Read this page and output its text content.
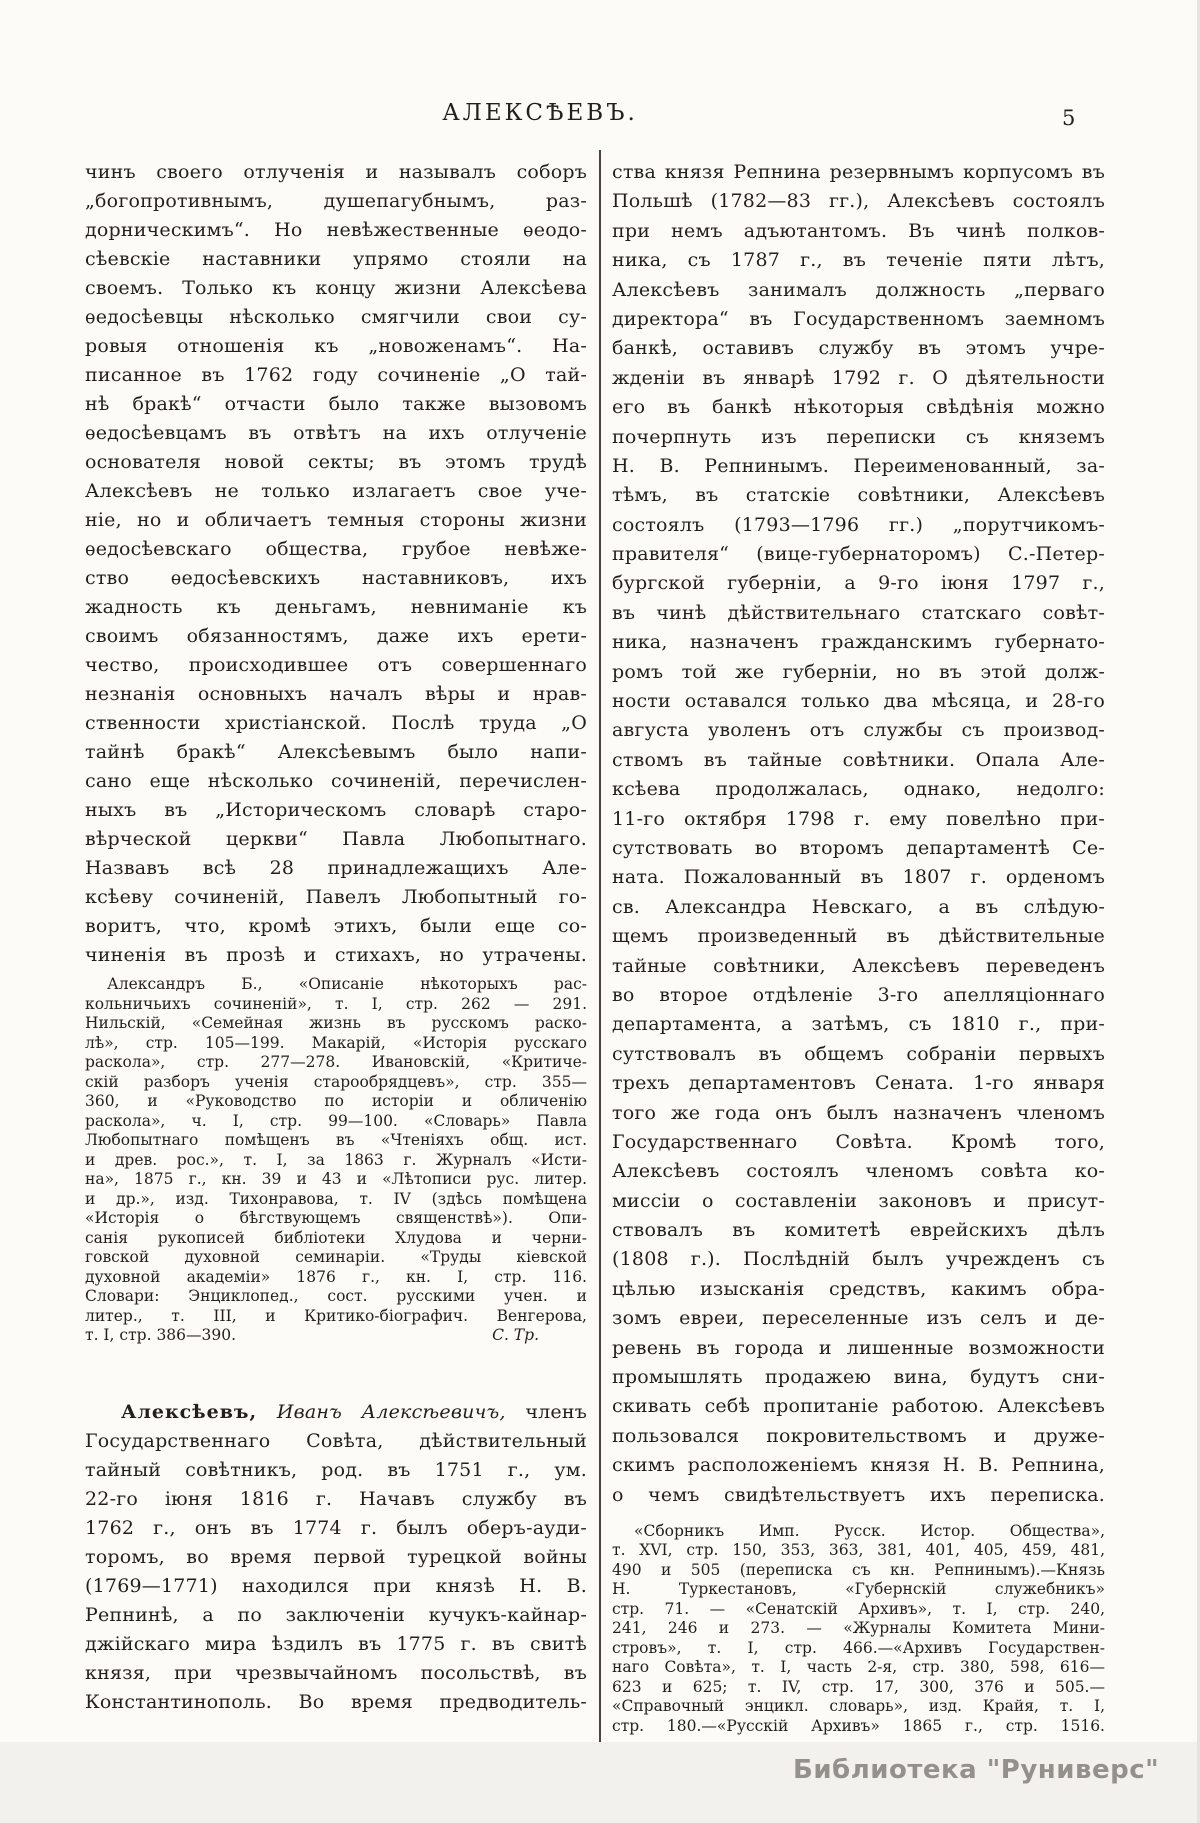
АЛЕКСѢЕВЪ.	5
чинъ своего отлученія и называлъ соборъ
„богопротивнымъ, душепагубнымъ, раз-
дорническимъ“. Но невѣжественные ѳеодо-
сѣевскіе наставники упрямо стояли на
своемъ. Только къ концу жизни Алексѣева
ѳедосѣевцы нѣсколько смягчили свои су-
ровыя отношенія къ „новоженамъ“. На-
писанное въ 1762 году сочиненіе „О тай-
нѣ бракѣ“ отчасти было также вызовомъ
ѳедосѣевцамъ въ отвѣтъ на ихъ отлученіе
основателя новой секты; въ этомъ трудѣ
Алексѣевъ не только излагаетъ свое уче-
ніе, но и обличаетъ темныя стороны жизни
ѳедосѣевскаго общества, грубое невѣже-
ство ѳедосѣевскихъ наставниковъ, ихъ
жадность къ деньгамъ, невниманіе къ
своимъ обязанностямъ, даже ихъ ерети-
чество, происходившее отъ совершеннаго
незнанія основныхъ началъ вѣры и нрав-
ственности христіанской. Послѣ труда „О
тайнѣ бракѣ“ Алексѣевымъ было напи-
сано еще нѣсколько сочиненій, перечислен-
ныхъ въ „Историческомъ словарѣ старо-
вѣрческой церкви“ Павла Любопытнаго.
Назвавъ всѣ 28 принадлежащихъ Але-
ксѣеву сочиненій, Павелъ Любопытный го-
воритъ, что, кромѣ этихъ, были еще со-
чиненія въ прозѣ и стихахъ, но утрачены.
Александръ Б., «Описаніе нѣкоторыхъ рас-
кольничьихъ сочиненій», т. I, стр. 262 — 291.
Нильскій, «Семейная жизнь въ русскомъ раско-
лѣ», стр. 105—199. Макарій, «Исторія русскаго
раскола», стр. 277—278. Ивановскій, «Критиче-
скій разборъ ученія старообрядцевъ», стр. 355—
360, и «Руководство по исторіи и обличенію
раскола», ч. I, стр. 99—100. «Словарь» Павла
Любопытнаго помѣщенъ въ «Чтеніяхъ общ. ист.
и древ. рос.», т. I, за 1863 г. Журналъ «Исти-
на», 1875 г., кн. 39 и 43 и «Лѣтописи рус. литер.
и др.», изд. Тихонравова, т. IV (здѣсь помѣщена
«Исторія о бѣгствующемъ священствѣ»). Опи-
санія рукописей библіотеки Хлудова и черни-
говской духовной семинаріи. «Труды кіевской
духовной академіи» 1876 г., кн. I, стр. 116.
Словари: Энциклопед., сост. русскими учен. и
литер., т. III, и Критико-біографич. Венгерова,
т. I, стр. 386—390.	С. Тр.
Алексѣевъ, Иванъ Алексѣевичъ, членъ
Государственнаго Совѣта, дѣйствительный
тайный совѣтникъ, род. въ 1751 г., ум.
22-го іюня 1816 г. Начавъ службу въ
1762 г., онъ въ 1774 г. былъ оберъ-ауди-
торомъ, во время первой турецкой войны
(1769—1771) находился при князѣ Н. В.
Репнинѣ, а по заключеніи кучукъ-кайнар-
джійскаго мира ѣздилъ въ 1775 г. въ свитѣ
князя, при чрезвычайномъ посольствѣ, въ
Константинополь. Во время предводитель-
ства князя Репнина резервнымъ корпусомъ въ
Польшѣ (1782—83 гг.), Алексѣевъ состоялъ
при немъ адъютантомъ. Въ чинѣ полков-
ника, съ 1787 г., въ теченіе пяти лѣтъ,
Алексѣевъ занималъ должность „перваго
директора“ въ Государственномъ заемномъ
банкѣ, оставивъ службу въ этомъ учре-
жденіи въ январѣ 1792 г. О дѣятельности
его въ банкѣ нѣкоторыя свѣдѣнія можно
почерпнуть изъ переписки съ княземъ
Н. В. Репнинымъ. Переименованный, за-
тѣмъ, въ статскіе совѣтники, Алексѣевъ
состоялъ (1793—1796 гг.) „порутчикомъ-
правителя“ (вице-губернаторомъ) С.-Петер-
бургской губерніи, а 9-го іюня 1797 г.,
въ чинѣ дѣйствительнаго статскаго совѣт-
ника, назначенъ гражданскимъ губернато-
ромъ той же губерніи, но въ этой долж-
ности оставался только два мѣсяца, и 28-го
августа уволенъ отъ службы съ производ-
ствомъ въ тайные совѣтники. Опала Але-
ксѣева продолжалась, однако, недолго:
11-го октября 1798 г. ему повелѣно при-
сутствовать во второмъ департаментѣ Се-
ната. Пожалованный въ 1807 г. орденомъ
св. Александра Невскаго, а въ слѣдую-
щемъ произведенный въ дѣйствительные
тайные совѣтники, Алексѣевъ переведенъ
во второе отдѣленіе 3-го апелляціоннаго
департамента, а затѣмъ, съ 1810 г., при-
сутствовалъ въ общемъ собраніи первыхъ
трехъ департаментовъ Сената. 1-го января
того же года онъ былъ назначенъ членомъ
Государственнаго Совѣта. Кромѣ того,
Алексѣевъ состоялъ членомъ совѣта ко-
миссіи о составленіи законовъ и присут-
ствовалъ въ комитетѣ еврейскихъ дѣлъ
(1808 г.). Послѣдній былъ учрежденъ съ
цѣлью изысканія средствъ, какимъ обра-
зомъ евреи, переселенные изъ селъ и де-
ревень въ города и лишенные возможности
промышлять продажею вина, будутъ сни-
скивать себѣ пропитаніе работою. Алексѣевъ
пользовался покровительствомъ и друже-
скимъ расположеніемъ князя Н. В. Репнина,
о чемъ свидѣтельствуетъ ихъ переписка.
«Сборникъ Имп. Русск. Истор. Общества»,
т. XVI, стр. 150, 353, 363, 381, 401, 405, 459, 481,
490 и 505 (переписка съ кн. Репнинымъ).—Князь
Н. Туркестановъ, «Губернскій служебникъ»
стр. 71. — «Сенатскій Архивъ», т. I, стр. 240,
241, 246 и 273. — «Журналы Комитета Мини-
стровъ», т. I, стр. 466.—«Архивъ Государствен-
наго Совѣта», т. I, часть 2-я, стр. 380, 598, 616—
623 и 625; т. IV, стр. 17, 300, 376 и 505.—
«Справочный энцикл. словарь», изд. Крайя, т. I,
стр. 180.—«Русскій Архивъ» 1865 г., стр. 1516.
Библиотека "Руниверс"
